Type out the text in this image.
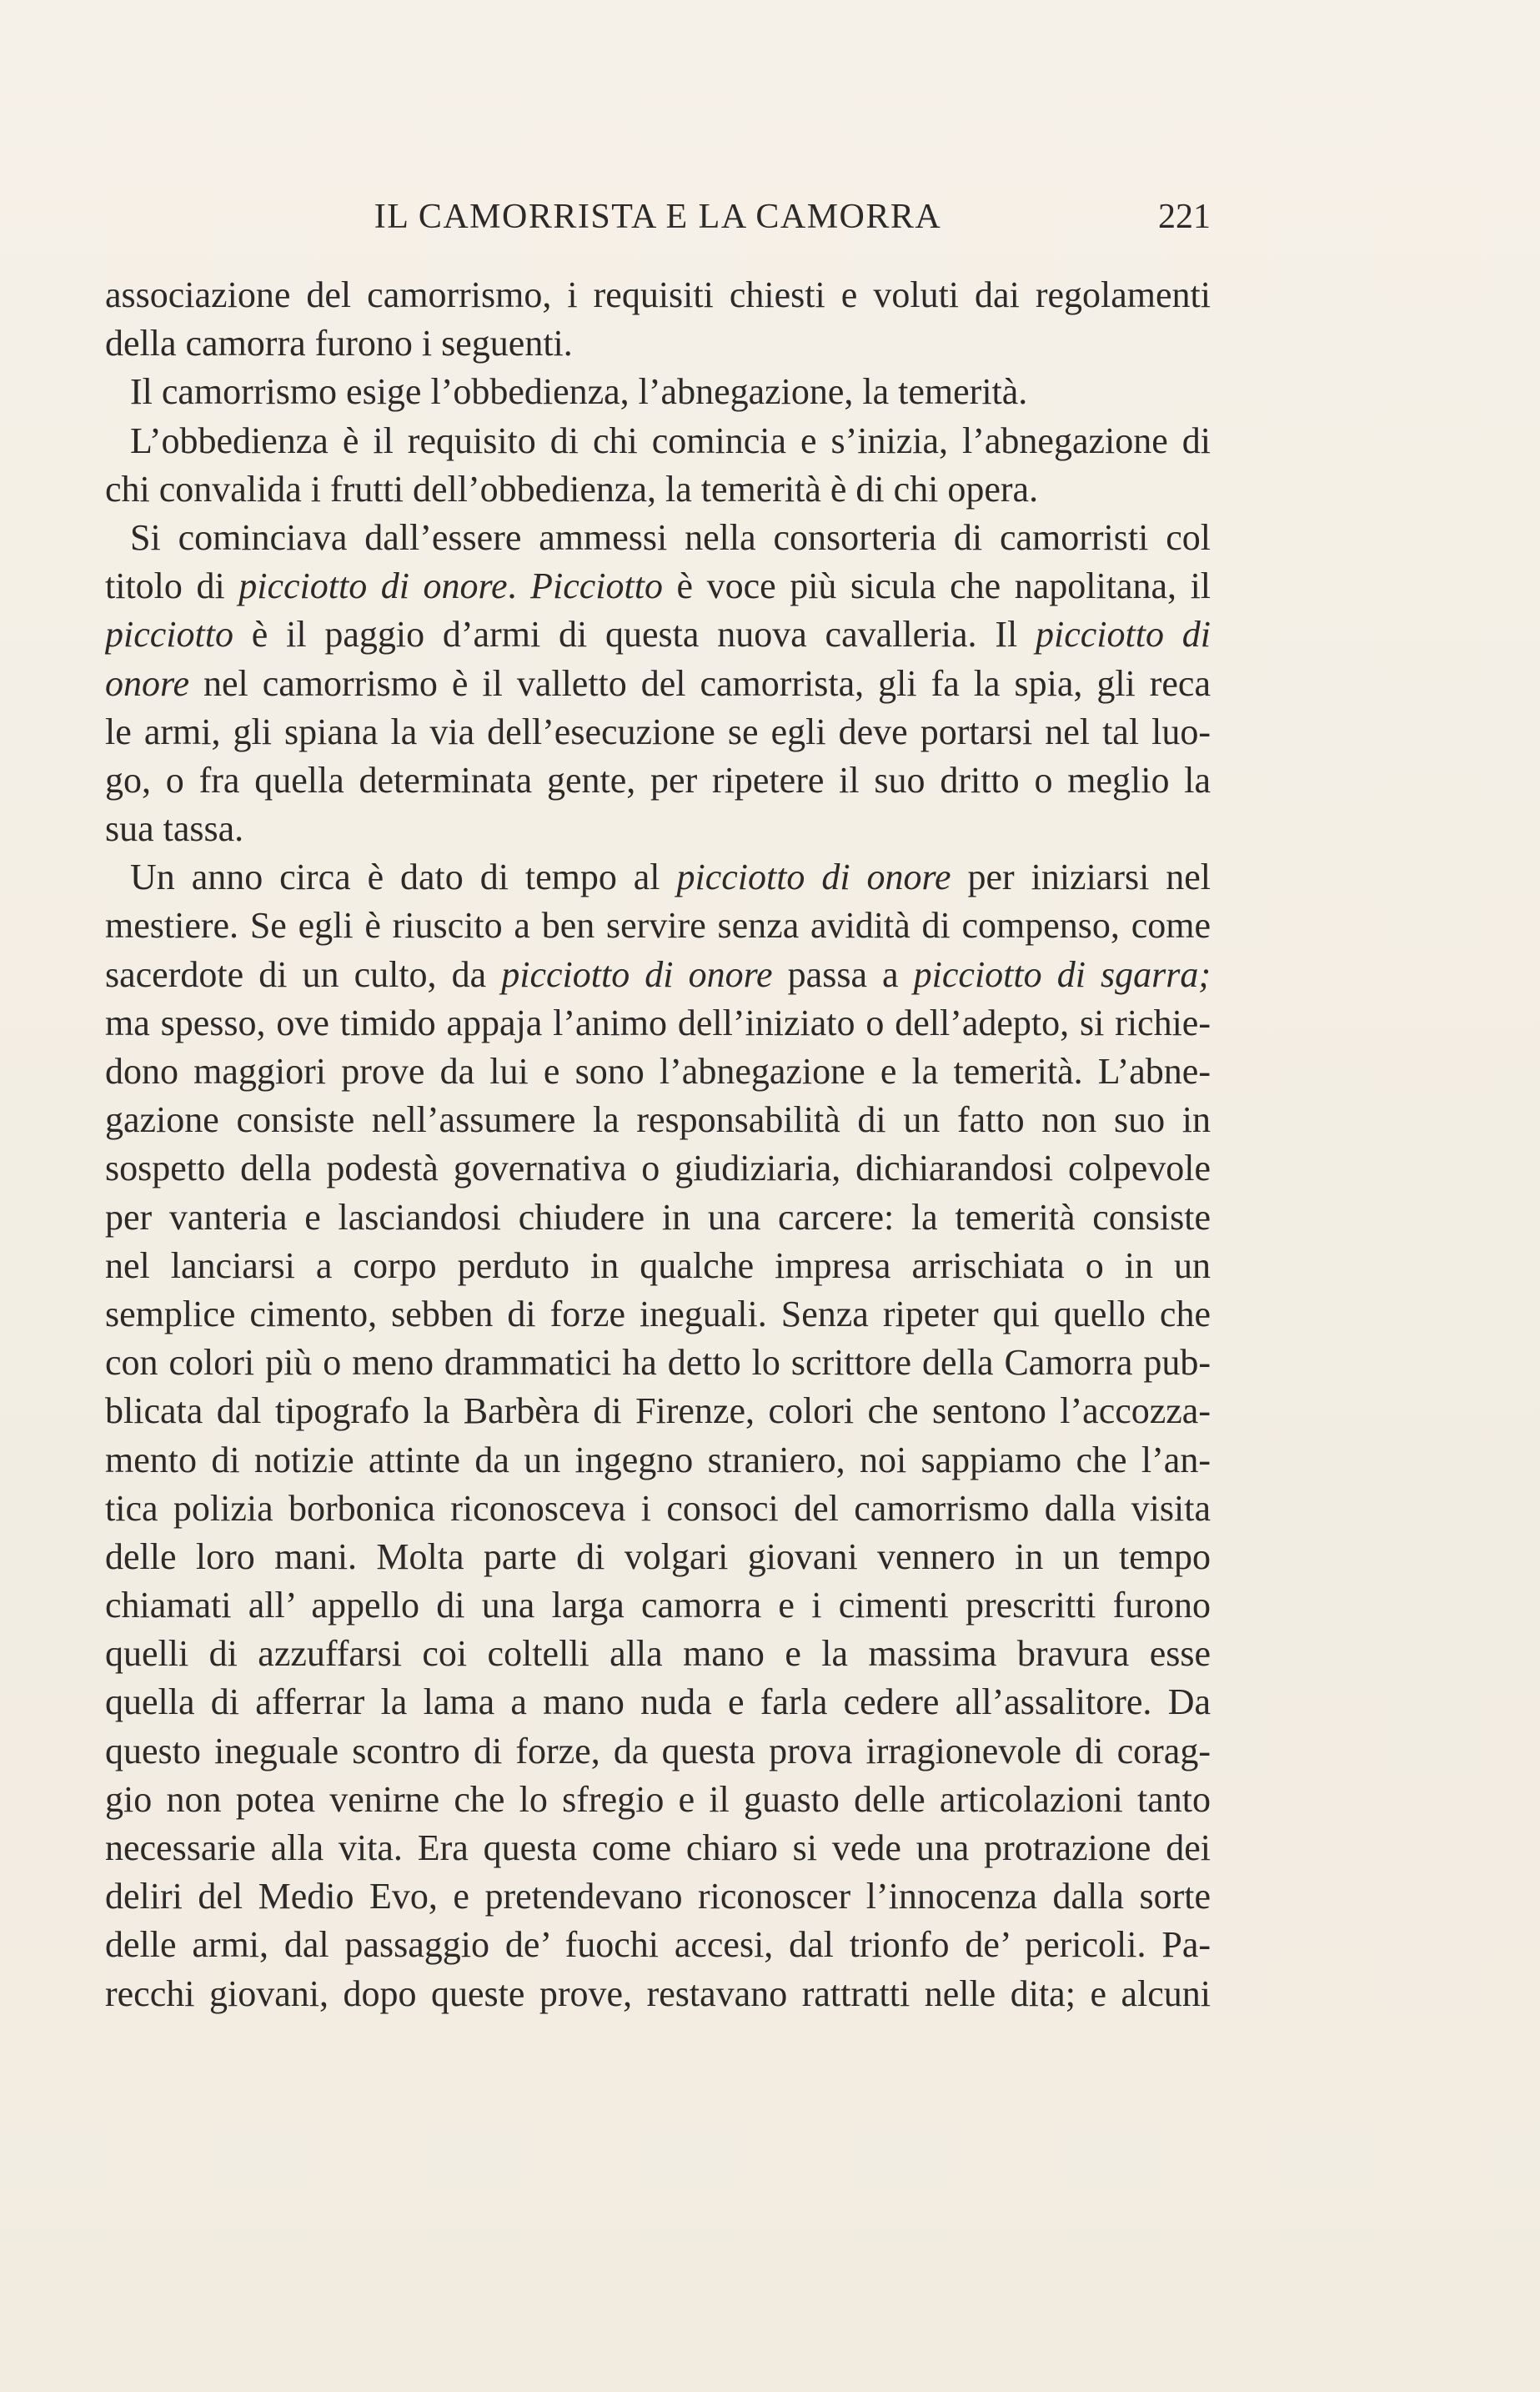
IL CAMORRISTA E LA CAMORRA	221
associazione del camorrismo, i requisiti chiesti e voluti dai regolamenti
della camorra furono i seguenti.
Il camorrismo esige l’obbedienza, l’abnegazione, la temerità.
L’obbedienza è il requisito di chi comincia e s’inizia, l’abnegazione di
chi convalida i frutti dell’obbedienza, la temerità è di chi opera.
Si cominciava dall’essere ammessi nella consorteria di camorristi col
titolo di picciotto di onore. Picciotto è voce più sicula che napolitana, il
picciotto è il paggio d’armi di questa nuova cavalleria. Il picciotto di
onore nel camorrismo è il valletto del camorrista, gli fa la spia, gli reca
le armi, gli spiana la via dell’esecuzione se egli deve portarsi nel tal luo-
go, o fra quella determinata gente, per ripetere il suo dritto o meglio la
sua tassa.
Un anno circa è dato di tempo al picciotto di onore per iniziarsi nel
mestiere. Se egli è riuscito a ben servire senza avidità di compenso, come
sacerdote di un culto, da picciotto di onore passa a picciotto di sgarra;
ma spesso, ove timido appaja l’animo dell’iniziato o dell’adepto, si richie-
dono maggiori prove da lui e sono l’abnegazione e la temerità. L’abne-
gazione consiste nell’assumere la responsabilità di un fatto non suo in
sospetto della podestà governativa o giudiziaria, dichiarandosi colpevole
per vanteria e lasciandosi chiudere in una carcere: la temerità consiste
nel lanciarsi a corpo perduto in qualche impresa arrischiata o in un
semplice cimento, sebben di forze ineguali. Senza ripeter qui quello che
con colori più o meno drammatici ha detto lo scrittore della Camorra pub-
blicata dal tipografo la Barbèra di Firenze, colori che sentono l’accozza-
mento di notizie attinte da un ingegno straniero, noi sappiamo che l’an-
tica polizia borbonica riconosceva i consoci del camorrismo dalla visita
delle loro mani. Molta parte di volgari giovani vennero in un tempo
chiamati all’ appello di una larga camorra e i cimenti prescritti furono
quelli di azzuffarsi coi coltelli alla mano e la massima bravura esse
quella di afferrar la lama a mano nuda e farla cedere all’assalitore. Da
questo ineguale scontro di forze, da questa prova irragionevole di corag-
gio non potea venirne che lo sfregio e il guasto delle articolazioni tanto
necessarie alla vita. Era questa come chiaro si vede una protrazione dei
deliri del Medio Evo, e pretendevano riconoscer l’innocenza dalla sorte
delle armi, dal passaggio de’ fuochi accesi, dal trionfo de’ pericoli. Pa-
recchi giovani, dopo queste prove, restavano rattratti nelle dita; e alcuni
